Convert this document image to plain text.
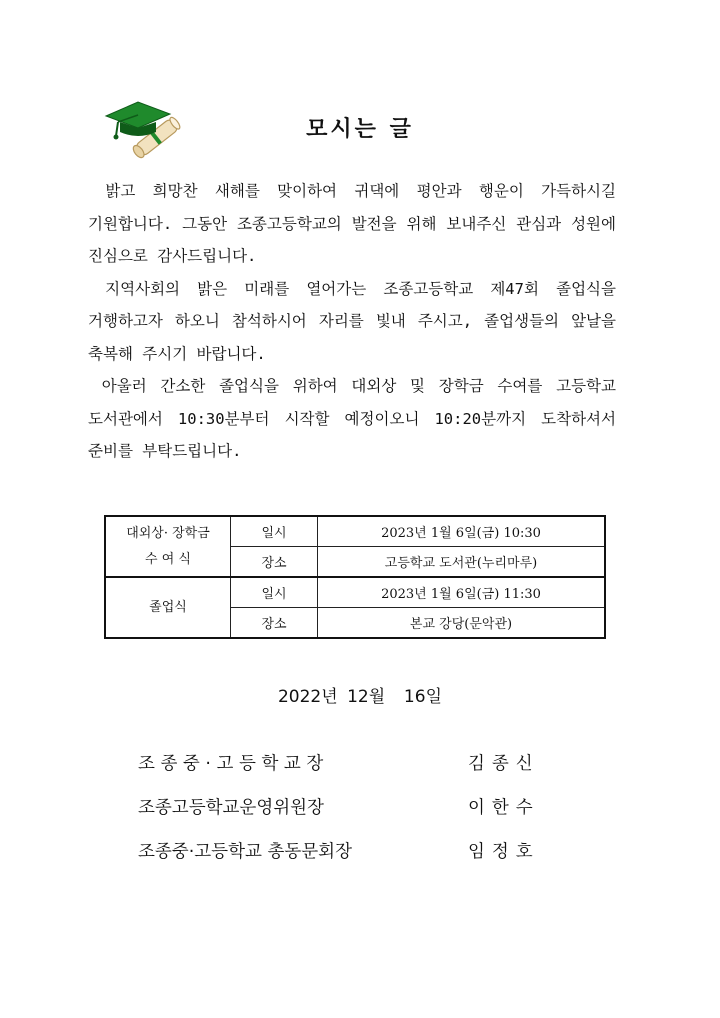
모시는 글

밝고 희망찬 새해를 맞이하여 귀댁에 평안과 행운이 가득하시길 기원합니다. 그동안 조종고등학교의 발전을 위해 보내주신 관심과 성원에 진심으로 감사드립니다.

지역사회의 밝은 미래를 열어가는 조종고등학교 제47회 졸업식을 거행하고자 하오니 참석하시어 자리를 빛내 주시고, 졸업생들의 앞날을 축복해 주시기 바랍니다.

아울러 간소한 졸업식을 위하여 대외상 및 장학금 수여를 고등학교 도서관에서 10:30분부터 시작할 예정이오니 10:20분까지 도착하셔서 준비를 부탁드립니다.

대외상· 장학금
수 여 식	일시	2023년 1월 6일(금) 10:30
	장소	고등학교 도서관(누리마루)
졸업식	일시	2023년 1월 6일(금) 11:30
	장소	본교 강당(문악관)
2022년 12월  16일
조 종 중 · 고 등 학 교 장	김종신
조종고등학교운영위원장	이한수
조종중·고등학교 총동문회장	임정호
